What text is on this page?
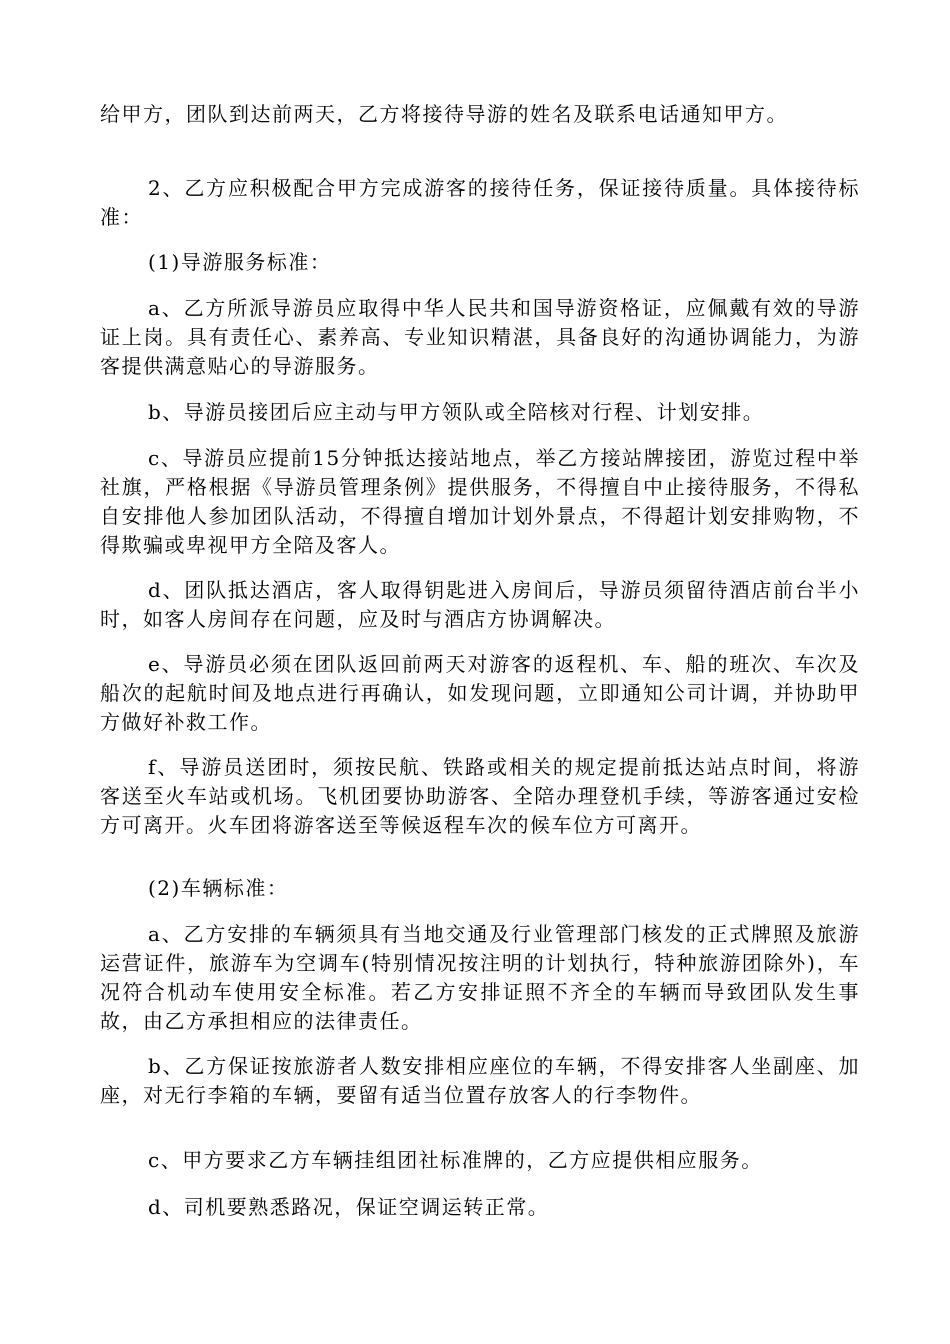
给甲方，团队到达前两天，乙方将接待导游的姓名及联系电话通知甲方。

2、乙方应积极配合甲方完成游客的接待任务，保证接待质量。具体接待标准：

(1)导游服务标准：

a、乙方所派导游员应取得中华人民共和国导游资格证，应佩戴有效的导游证上岗。具有责任心、素养高、专业知识精湛，具备良好的沟通协调能力，为游客提供满意贴心的导游服务。

b、导游员接团后应主动与甲方领队或全陪核对行程、计划安排。

c、导游员应提前15分钟抵达接站地点，举乙方接站牌接团，游览过程中举社旗，严格根据《导游员管理条例》提供服务，不得擅自中止接待服务，不得私自安排他人参加团队活动，不得擅自增加计划外景点，不得超计划安排购物，不得欺骗或卑视甲方全陪及客人。

d、团队抵达酒店，客人取得钥匙进入房间后，导游员须留待酒店前台半小时，如客人房间存在问题，应及时与酒店方协调解决。

e、导游员必须在团队返回前两天对游客的返程机、车、船的班次、车次及船次的起航时间及地点进行再确认，如发现问题，立即通知公司计调，并协助甲方做好补救工作。

f、导游员送团时，须按民航、铁路或相关的规定提前抵达站点时间，将游客送至火车站或机场。飞机团要协助游客、全陪办理登机手续，等游客通过安检方可离开。火车团将游客送至等候返程车次的候车位方可离开。

(2)车辆标准：

a、乙方安排的车辆须具有当地交通及行业管理部门核发的正式牌照及旅游运营证件，旅游车为空调车(特别情况按注明的计划执行，特种旅游团除外)，车况符合机动车使用安全标准。若乙方安排证照不齐全的车辆而导致团队发生事故，由乙方承担相应的法律责任。

b、乙方保证按旅游者人数安排相应座位的车辆，不得安排客人坐副座、加座，对无行李箱的车辆，要留有适当位置存放客人的行李物件。

c、甲方要求乙方车辆挂组团社标准牌的，乙方应提供相应服务。

d、司机要熟悉路况，保证空调运转正常。
